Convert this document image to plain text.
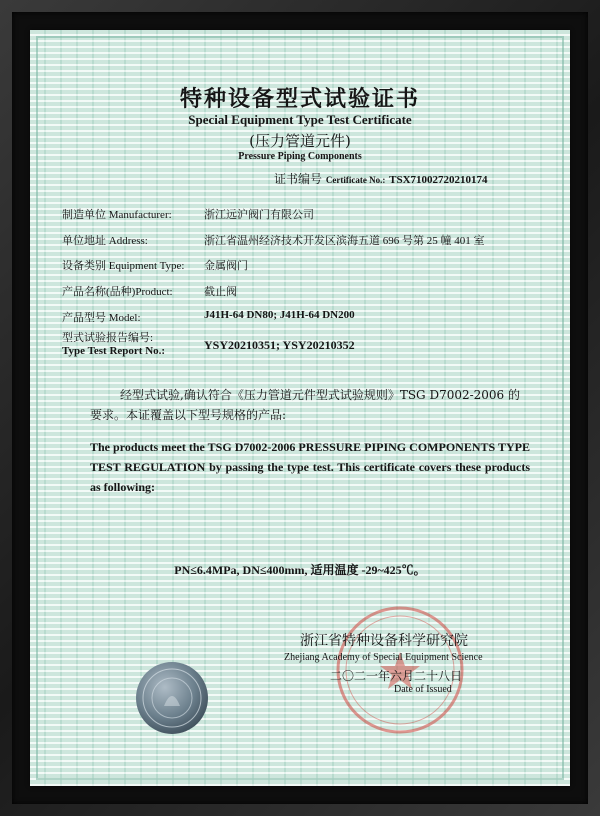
特种设备型式试验证书

Special Equipment Type Test Certificate

(压力管道元件)

Pressure Piping Components

证书编号 Certificate No.: TSX71002720210174

制造单位 Manufacturer:	浙江远沪阀门有限公司

单位地址 Address:	浙江省温州经济技术开发区滨海五道 696 号第 25 幢 401 室

设备类别 Equipment Type: 金属阀门

产品名称(品种)Product:	截止阀

产品型号 Model:	J41H-64 DN80; J41H-64 DN200

型式试验报告编号:

Type Test Report No.:	YSY20210351; YSY20210352

经型式试验,确认符合《压力管道元件型式试验规则》TSG D7002-2006 的要求。本证覆盖以下型号规格的产品:

The products meet the TSG D7002-2006 PRESSURE PIPING COMPONENTS TYPE TEST REGULATION by passing the type test. This certificate covers these products as following:

PN≤6.4MPa, DN≤400mm, 适用温度 -29~425℃。

浙江省特种设备科学研究院

Zhejiang Academy of Special Equipment Science

二〇二一年六月二十八日

Date of Issued
